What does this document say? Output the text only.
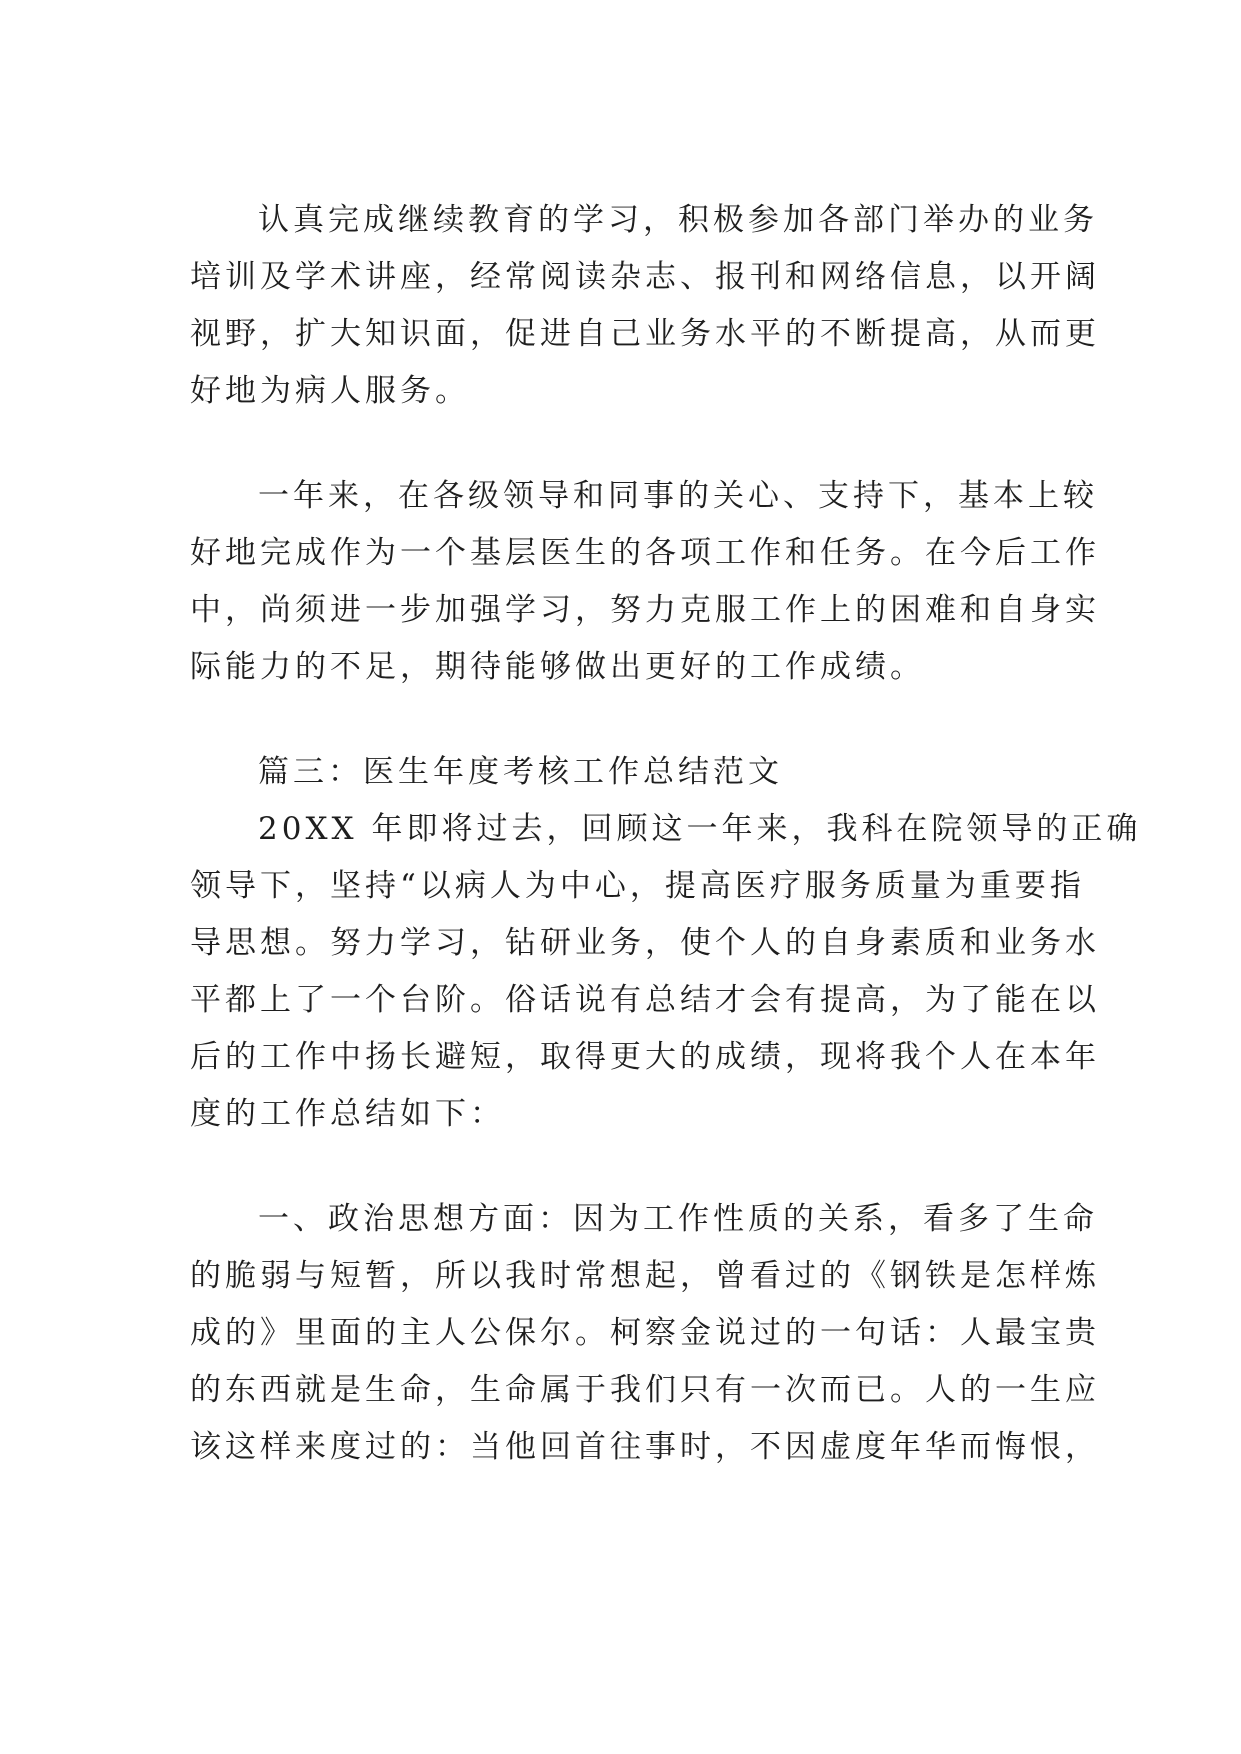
认真完成继续教育的学习，积极参加各部门举办的业务
培训及学术讲座，经常阅读杂志、报刊和网络信息，以开阔
视野，扩大知识面，促进自己业务水平的不断提高，从而更
好地为病人服务。
一年来，在各级领导和同事的关心、支持下，基本上较
好地完成作为一个基层医生的各项工作和任务。在今后工作
中，尚须进一步加强学习，努力克服工作上的困难和自身实
际能力的不足，期待能够做出更好的工作成绩。
篇三：医生年度考核工作总结范文
20XX 年即将过去，回顾这一年来，我科在院领导的正确
领导下，坚持“以病人为中心，提高医疗服务质量为重要指
导思想。努力学习，钻研业务，使个人的自身素质和业务水
平都上了一个台阶。俗话说有总结才会有提高，为了能在以
后的工作中扬长避短，取得更大的成绩，现将我个人在本年
度的工作总结如下：
一、政治思想方面：因为工作性质的关系，看多了生命
的脆弱与短暂，所以我时常想起，曾看过的《钢铁是怎样炼
成的》里面的主人公保尔。柯察金说过的一句话：人最宝贵
的东西就是生命，生命属于我们只有一次而已。人的一生应
该这样来度过的：当他回首往事时，不因虚度年华而悔恨，
